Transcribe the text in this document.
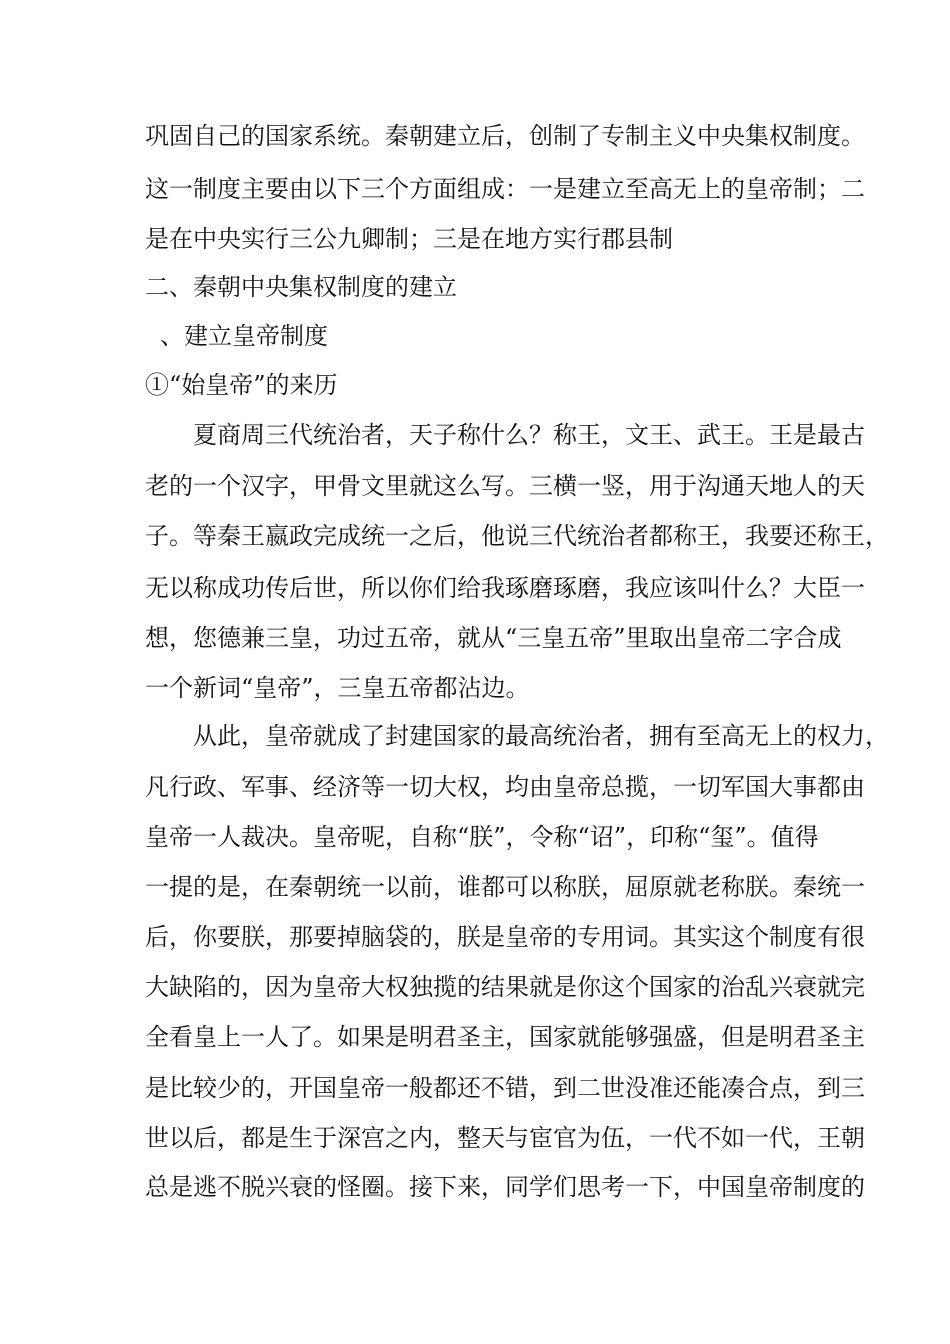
巩固自己的国家系统。秦朝建立后，创制了专制主义中央集权制度。
这一制度主要由以下三个方面组成：一是建立至高无上的皇帝制；二
是在中央实行三公九卿制；三是在地方实行郡县制
二、秦朝中央集权制度的建立
、建立皇帝制度
①“始皇帝”的来历
夏商周三代统治者，天子称什么？称王，文王、武王。王是最古
老的一个汉字，甲骨文里就这么写。三横一竖，用于沟通天地人的天
子。等秦王嬴政完成统一之后，他说三代统治者都称王，我要还称王，
无以称成功传后世，所以你们给我琢磨琢磨，我应该叫什么？大臣一
想，您德兼三皇，功过五帝，就从“三皇五帝”里取出皇帝二字合成
一个新词“皇帝”，三皇五帝都沾边。
从此，皇帝就成了封建国家的最高统治者，拥有至高无上的权力，
凡行政、军事、经济等一切大权，均由皇帝总揽，一切军国大事都由
皇帝一人裁决。皇帝呢，自称“朕”，令称“诏”，印称“玺”。值得
一提的是，在秦朝统一以前，谁都可以称朕，屈原就老称朕。秦统一
后，你要朕，那要掉脑袋的，朕是皇帝的专用词。其实这个制度有很
大缺陷的，因为皇帝大权独揽的结果就是你这个国家的治乱兴衰就完
全看皇上一人了。如果是明君圣主，国家就能够强盛，但是明君圣主
是比较少的，开国皇帝一般都还不错，到二世没准还能凑合点，到三
世以后，都是生于深宫之内，整天与宦官为伍，一代不如一代，王朝
总是逃不脱兴衰的怪圈。接下来，同学们思考一下，中国皇帝制度的
